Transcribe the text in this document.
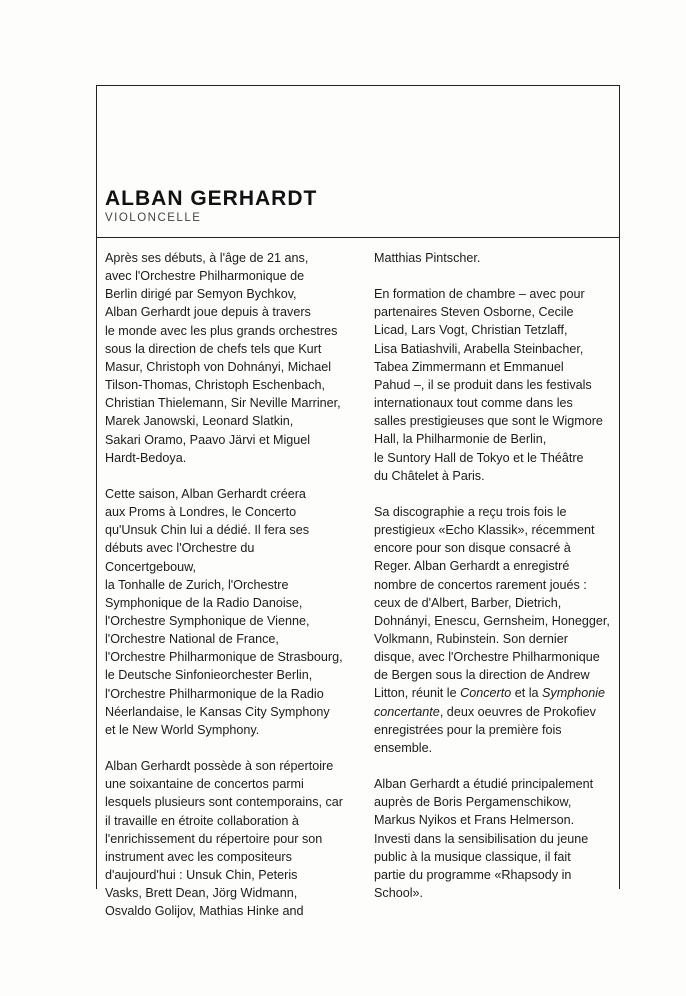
ALBAN GERHARDT
VIOLONCELLE

Après ses débuts, à l'âge de 21 ans,
avec l'Orchestre Philharmonique de
Berlin dirigé par Semyon Bychkov,
Alban Gerhardt joue depuis à travers
le monde avec les plus grands orchestres
sous la direction de chefs tels que Kurt
Masur, Christoph von Dohnányi, Michael
Tilson-Thomas, Christoph Eschenbach,
Christian Thielemann, Sir Neville Marriner,
Marek Janowski, Leonard Slatkin,
Sakari Oramo, Paavo Järvi et Miguel
Hardt-Bedoya.

Cette saison, Alban Gerhardt créera
aux Proms à Londres, le Concerto
qu'Unsuk Chin lui a dédié. Il fera ses
débuts avec l'Orchestre du Concertgebouw,
la Tonhalle de Zurich, l'Orchestre
Symphonique de la Radio Danoise,
l'Orchestre Symphonique de Vienne,
l'Orchestre National de France,
l'Orchestre Philharmonique de Strasbourg,
le Deutsche Sinfonieorchester Berlin,
l'Orchestre Philharmonique de la Radio
Néerlandaise, le Kansas City Symphony
et le New World Symphony.

Alban Gerhardt possède à son répertoire
une soixantaine de concertos parmi
lesquels plusieurs sont contemporains, car
il travaille en étroite collaboration à
l'enrichissement du répertoire pour son
instrument avec les compositeurs
d'aujourd'hui : Unsuk Chin, Peteris
Vasks, Brett Dean, Jörg Widmann,
Osvaldo Golijov, Mathias Hinke and

Matthias Pintscher.

En formation de chambre – avec pour
partenaires Steven Osborne, Cecile
Licad, Lars Vogt, Christian Tetzlaff,
Lisa Batiashvili, Arabella Steinbacher,
Tabea Zimmermann et Emmanuel
Pahud –, il se produit dans les festivals
internationaux tout comme dans les
salles prestigieuses que sont le Wigmore
Hall, la Philharmonie de Berlin,
le Suntory Hall de Tokyo et le Théâtre
du Châtelet à Paris.

Sa discographie a reçu trois fois le
prestigieux «Echo Klassik», récemment
encore pour son disque consacré à
Reger. Alban Gerhardt a enregistré
nombre de concertos rarement joués :
ceux de d'Albert, Barber, Dietrich,
Dohnányi, Enescu, Gernsheim, Honegger,
Volkmann, Rubinstein. Son dernier
disque, avec l'Orchestre Philharmonique
de Bergen sous la direction de Andrew
Litton, réunit le Concerto et la Symphonie
concertante, deux oeuvres de Prokofiev
enregistrées pour la première fois
ensemble.

Alban Gerhardt a étudié principalement
auprès de Boris Pergamenschikow,
Markus Nyikos et Frans Helmerson.
Investi dans la sensibilisation du jeune
public à la musique classique, il fait
partie du programme «Rhapsody in
School».
